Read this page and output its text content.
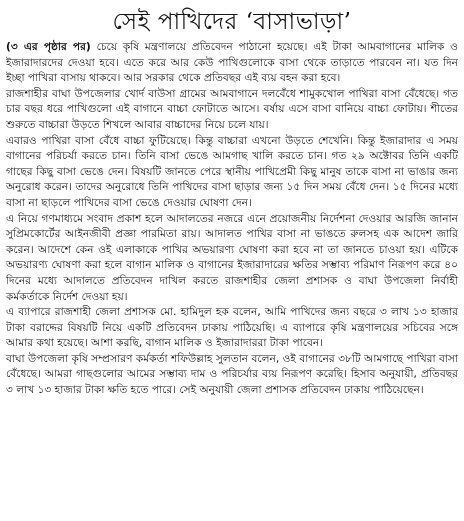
সেই পাখিদের ‘বাসাভাড়া’

(৩ এর পৃষ্ঠার পর) চেয়ে কৃষি মন্ত্রণালয়ে প্রতিবেদন পাঠানো হয়েছে। এই টাকা আমবাগানের মালিক ও ইজারাদারদের দেওয়া হবে। এতে করে আর কেউ পাখিগুলোকে বাসা থেকে তাড়াতে পারবেন না। যত দিন ইচ্ছা পাখিরা বাসায় থাকবে। আর সরকার থেকে প্রতিবছর এই ব্যয় বহন করা হবে।

রাজশাহীর বাঘা উপজেলার খোর্দ বাউসা গ্রামের আমবাগানে দলবেঁধে শামুকখোল পাখিরা বাসা বেঁধেছে। গত চার বছর ধরে পাখিগুলো এই বাগানে বাচ্চা ফোটাতে আসে। বর্ষায় এসে বাসা বানিয়ে বাচ্চা ফোটায়। শীতের শুরুতে বাচ্চারা উড়তে শিখলে আবার বাচ্চাদের নিয়ে চলে যায়।

এবারও পাখিরা বাসা বেঁধে বাচ্চা ফুটিয়েছে। কিন্তু বাচ্চারা এখনো উড়তে শেখেনি। কিন্তু ইজারাদার এ সময় বাগানের পরিচর্যা করতে চান। তিনি বাসা ভেঙে আমগাছ খালি করতে চান। গত ২৯ অক্টোবর তিনি একটি গাছের কিছু বাসা ভেঙে দেন। বিষয়টি জানতে পেরে স্থানীয় পাখিপ্রেমী কিছু মানুষ তাকে বাসা না ভাঙার জন্য অনুরোধ করেন। তাদের অনুরোধে তিনি পাখিদের বাসা ছাড়ার জন্য ১৫ দিন সময় বেঁধে দেন। ১৫ দিনের মধ্যে বাসা না ছাড়লে পাখিদের বাসা ভেঙে দেওয়ার ঘোষণা দেন।

এ নিয়ে গণমাধ্যমে সংবাদ প্রকাশ হলে আদালতের নজরে এনে প্রয়োজনীয় নির্দেশনা দেওয়ার আরজি জানান সুপ্রিমকোর্টের আইনজীবী প্রজ্ঞা পারমিতা রায়। আদালত পাখির বাসা না ভাঙতে রুলসহ এক আদেশ জারি করেন। আদেশে কেন ওই এলাকাকে পাখির অভয়ারণ্য ঘোষণা করা হবে না তা জানতে চাওয়া হয়। এটিকে অভয়ারণ্য ঘোষণা করা হলে বাগান মালিক ও বাগানের ইজারাদারের ক্ষতির সম্ভাব্য পরিমাণ নিরূপণ করে ৪০ দিনের মধ্যে আদালতে প্রতিবেদন দাখিল করতে রাজশাহীর জেলা প্রশাসক ও বাঘা উপজেলা নির্বাহী কর্মকর্তাকে নির্দেশ দেওয়া হয়।

এ ব্যাপারে রাজশাহী জেলা প্রশাসক মো. হামিদুল হক বলেন, আমি পাখিদের জন্য বছরে ৩ লাখ ১৩ হাজার টাকা বরাদ্দের বিষয়টি নিয়ে একটি প্রতিবেদন ঢাকায় পাঠিয়েছি। এ ব্যাপারে কৃষি মন্ত্রণালয়ের সচিবের সঙ্গে আমার কথা হয়েছে। আশা করছি, বাগান মালিক ও ইজারাদাররা টাকা পাবেন।

বাঘা উপজেলা কৃষি সম্প্রসারণ কর্মকর্তা শফিউল্লাহ সুলতান বলেন, ওই বাগানের ৩৮টি আমগাছে পাখিরা বাসা বেঁধেছে। আমরা গাছগুলোর আমের সম্ভাব্য দাম ও পরিচর্যার ব্যয় নিরূপণ করেছি। হিসাব অনুযায়ী, প্রতিবছর ৩ লাখ ১৩ হাজার টাকা ক্ষতি হতে পারে। সেই অনুযায়ী জেলা প্রশাসক প্রতিবেদন ঢাকায় পাঠিয়েছেন।
